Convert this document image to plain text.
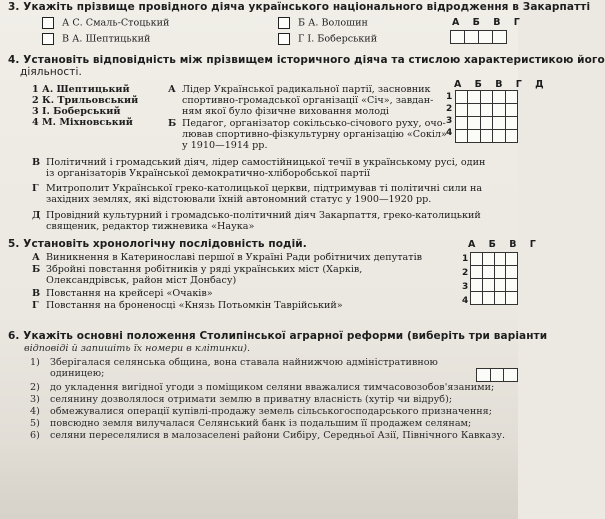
3. Укажіть прізвище провідного діяча українського національного відродження в Закарпатті
А С. Смаль-Стоцький	Б А. Волошин
В А. Шептицький	Г І. Боберський
А Б В Г

4. Установіть відповідність між прізвищем історичного діяча та стислою характеристикою його
діяльності.
1 А. Шептицький
2 К. Трильовський
3 І. Боберський
4 М. Міхновський
А Лідер Української радикальної партії, засновник
спортивно-громадської організації «Січ», завдан-
ням якої було фізичне виховання молоді
Б Педагог, організатор сокільсько-січового руху, очо-
лював спортивно-фізкультурну організацію «Сокіл»
у 1910—1914 рр.
А Б В Г Д
1
2
3
4

В Політичний і громадський діяч, лідер самостійницької течії в українському русі, один
із організаторів Української демократично-хліборобської партії
Г Митрополит Української греко-католицької церкви, підтримував ті політичні сили на
західних землях, які відстоювали їхній автономний статус у 1900—1920 рр.
Д Провідний культурний і громадсько-політичний діяч Закарпаття, греко-католицький
священик, редактор тижневика «Наука»
5. Установіть хронологічну послідовність подій.	А Б В Г
А Виникнення в Катеринославі першої в Україні Ради робітничих депутатів
Б Збройні повстання робітників у ряді українських міст (Харків,
Олександрівськ, район міст Донбасу)
В Повстання на крейсері «Очаків»
Г Повстання на броненосці «Князь Потьомкін Таврійський»
1
2
3
4

6. Укажіть основні положення Столипінської аграрної реформи (виберіть три варіанти
відповіді й запишіть їх номери в клітинки).
1) Зберігалася селянська община, вона ставала найнижчою адміністративною
одиницею;
2) до укладення вигідної угоди з поміщиком селяни вважалися тимчасовозобов'язаними;
3) селянину дозволялося отримати землю в приватну власність (хутір чи відруб);
4) обмежувалися операції купівлі-продажу земель сільськогосподарського призначення;
5) повсюдно земля вилучалася Селянський банк із подальшим її продажем селянам;
6) селяни переселялися в малозаселені райони Сибіру, Середньої Азії, Північного Кавказу.
